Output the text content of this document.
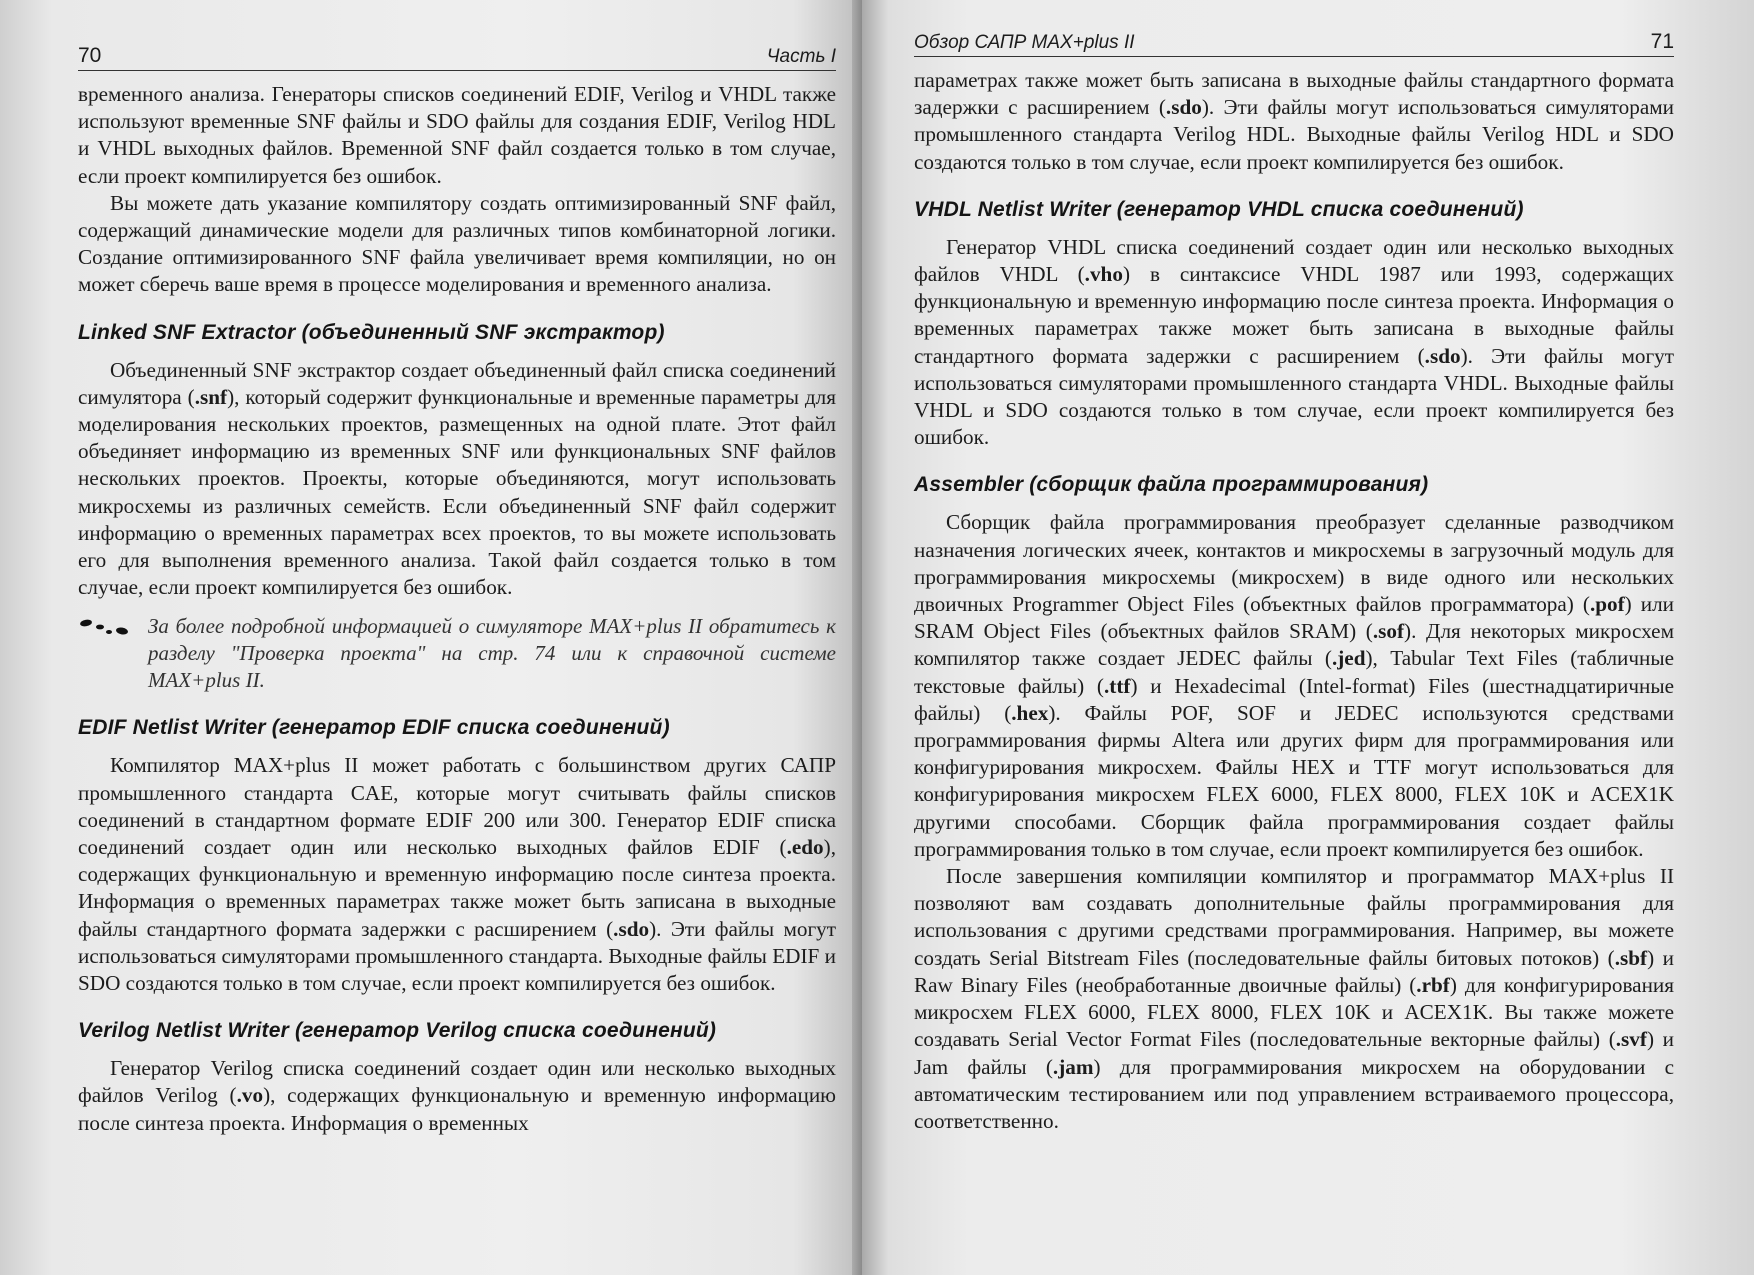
70	Часть I

временного анализа. Генераторы списков соединений EDIF, Verilog и VHDL также используют временные SNF файлы и SDO файлы для создания EDIF, Verilog HDL и VHDL выходных файлов. Временной SNF файл создается только в том случае, если проект компилируется без ошибок.

Вы можете дать указание компилятору создать оптимизированный SNF файл, содержащий динамические модели для различных типов комбинаторной логики. Создание оптимизированного SNF файла увеличивает время компиляции, но он может сберечь ваше время в процессе моделирования и временного анализа.

Linked SNF Extractor (объединенный SNF экстрактор)

Объединенный SNF экстрактор создает объединенный файл списка соединений симулятора (.snf), который содержит функциональные и временные параметры для моделирования нескольких проектов, размещенных на одной плате. Этот файл объединяет информацию из временных SNF или функциональных SNF файлов нескольких проектов. Проекты, которые объединяются, могут использовать микросхемы из различных семейств. Если объединенный SNF файл содержит информацию о временных параметрах всех проектов, то вы можете использовать его для выполнения временного анализа. Такой файл создается только в том случае, если проект компилируется без ошибок.

За более подробной информацией о симуляторе MAX+plus II обратитесь к разделу "Проверка проекта" на стр. 74 или к справочной системе MAX+plus II.
EDIF Netlist Writer (генератор EDIF списка соединений)

Компилятор MAX+plus II может работать с большинством других САПР промышленного стандарта CAE, которые могут считывать файлы списков соединений в стандартном формате EDIF 200 или 300. Генератор EDIF списка соединений создает один или несколько выходных файлов EDIF (.edo), содержащих функциональную и временную информацию после синтеза проекта. Информация о временных параметрах также может быть записана в выходные файлы стандартного формата задержки с расширением (.sdo). Эти файлы могут использоваться симуляторами промышленного стандарта. Выходные файлы EDIF и SDO создаются только в том случае, если проект компилируется без ошибок.

Verilog Netlist Writer (генератор Verilog списка соединений)

Генератор Verilog списка соединений создает один или несколько выходных файлов Verilog (.vo), содержащих функциональную и временную информацию после синтеза проекта. Информация о временных

Обзор САПР MAX+plus II	71

параметрах также может быть записана в выходные файлы стандартного формата задержки с расширением (.sdo). Эти файлы могут использоваться симуляторами промышленного стандарта Verilog HDL. Выходные файлы Verilog HDL и SDO создаются только в том случае, если проект компилируется без ошибок.

VHDL Netlist Writer (генератор VHDL списка соединений)

Генератор VHDL списка соединений создает один или несколько выходных файлов VHDL (.vho) в синтаксисе VHDL 1987 или 1993, содержащих функциональную и временную информацию после синтеза проекта. Информация о временных параметрах также может быть записана в выходные файлы стандартного формата задержки с расширением (.sdo). Эти файлы могут использоваться симуляторами промышленного стандарта VHDL. Выходные файлы VHDL и SDO создаются только в том случае, если проект компилируется без ошибок.

Assembler (сборщик файла программирования)

Сборщик файла программирования преобразует сделанные разводчиком назначения логических ячеек, контактов и микросхемы в загрузочный модуль для программирования микросхемы (микросхем) в виде одного или нескольких двоичных Programmer Object Files (объектных файлов программатора) (.pof) или SRAM Object Files (объектных файлов SRAM) (.sof). Для некоторых микросхем компилятор также создает JEDEC файлы (.jed), Tabular Text Files (табличные текстовые файлы) (.ttf) и Hexadecimal (Intel-format) Files (шестнадцатиричные файлы) (.hex). Файлы POF, SOF и JEDEC используются средствами программирования фирмы Altera или других фирм для программирования или конфигурирования микросхем. Файлы HEX и TTF могут использоваться для конфигурирования микросхем FLEX 6000, FLEX 8000, FLEX 10K и ACEX1K другими способами. Сборщик файла программирования создает файлы программирования только в том случае, если проект компилируется без ошибок.

После завершения компиляции компилятор и программатор MAX+plus II позволяют вам создавать дополнительные файлы программирования для использования с другими средствами программирования. Например, вы можете создать Serial Bitstream Files (последовательные файлы битовых потоков) (.sbf) и Raw Binary Files (необработанные двоичные файлы) (.rbf) для конфигурирования микросхем FLEX 6000, FLEX 8000, FLEX 10K и ACEX1K. Вы также можете создавать Serial Vector Format Files (последовательные векторные файлы) (.svf) и Jam файлы (.jam) для программирования микросхем на оборудовании с автоматическим тестированием или под управлением встраиваемого процессора, соответственно.
